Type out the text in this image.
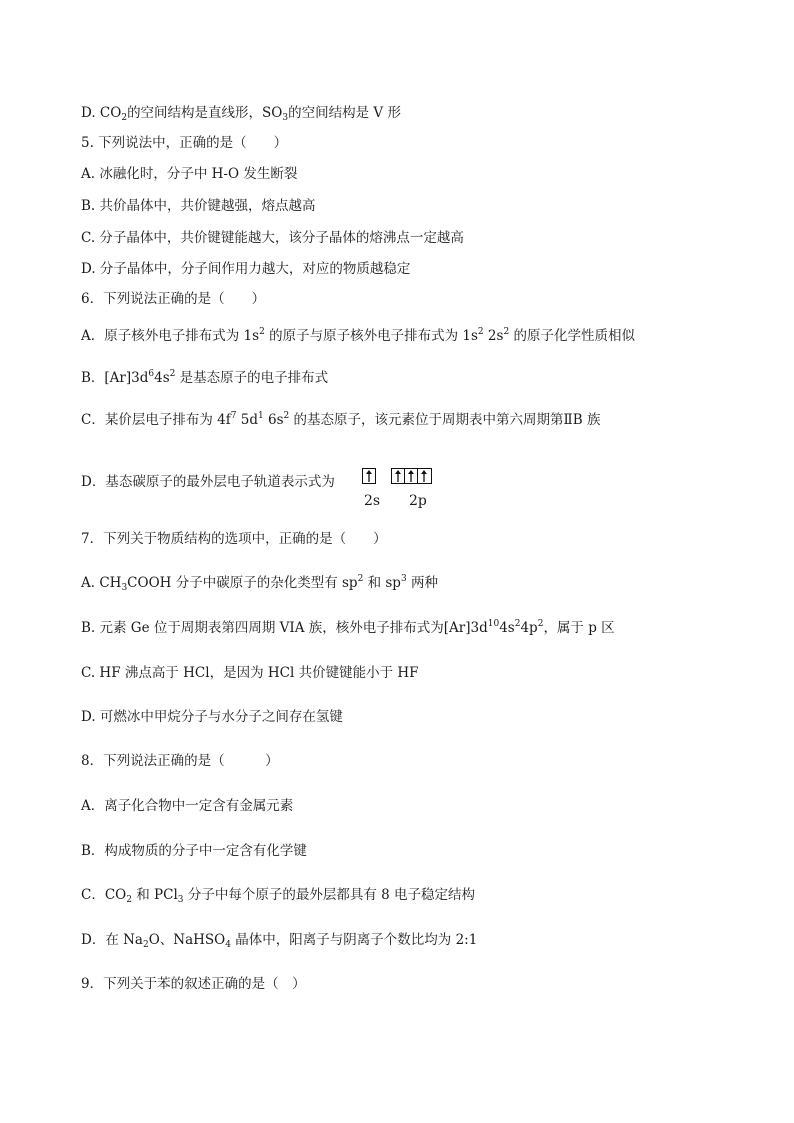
D. $CO_2$的空间结构是直线形，$SO_3$的空间结构是 V 形
5. 下列说法中，正确的是（　　）
A. 冰融化时，分子中 H-O 发生断裂
B. 共价晶体中，共价键越强，熔点越高
C. 分子晶体中，共价键键能越大，该分子晶体的熔沸点一定越高
D. 分子晶体中，分子间作用力越大，对应的物质越稳定
6．下列说法正确的是（　　）
A．原子核外电子排布式为 $1s^2$ 的原子与原子核外电子排布式为 $1s^2$ $2s^2$ 的原子化学性质相似
B．$[Ar]3d^64s^2$ 是基态原子的电子排布式
C．某价层电子排布为 $4f^7$ $5d^1$ $6s^2$ 的基态原子，该元素位于周期表中第六周期第ⅡB 族
D．基态碳原子的最外层电子轨道表示式为
2s 2p
7．下列关于物质结构的选项中，正确的是（　　）
A. $CH_3COOH$ 分子中碳原子的杂化类型有 $sp^2$ 和 $sp^3$ 两种
B. 元素 Ge 位于周期表第四周期 VIA 族，核外电子排布式为$[Ar]3d^{10}4s^24p^2$，属于 p 区
C. HF 沸点高于 HCl，是因为 HCl 共价键键能小于 HF
D. 可燃冰中甲烷分子与水分子之间存在氢键
8．下列说法正确的是（　　　）
A．离子化合物中一定含有金属元素
B．构成物质的分子中一定含有化学键
C．$CO_2$ 和 PCl$_3$ 分子中每个原子的最外层都具有 8 电子稳定结构
D．在 $Na_2O$、NaHSO$_4$ 晶体中，阳离子与阴离子个数比均为 2:1
9．下列关于苯的叙述正确的是（　）
